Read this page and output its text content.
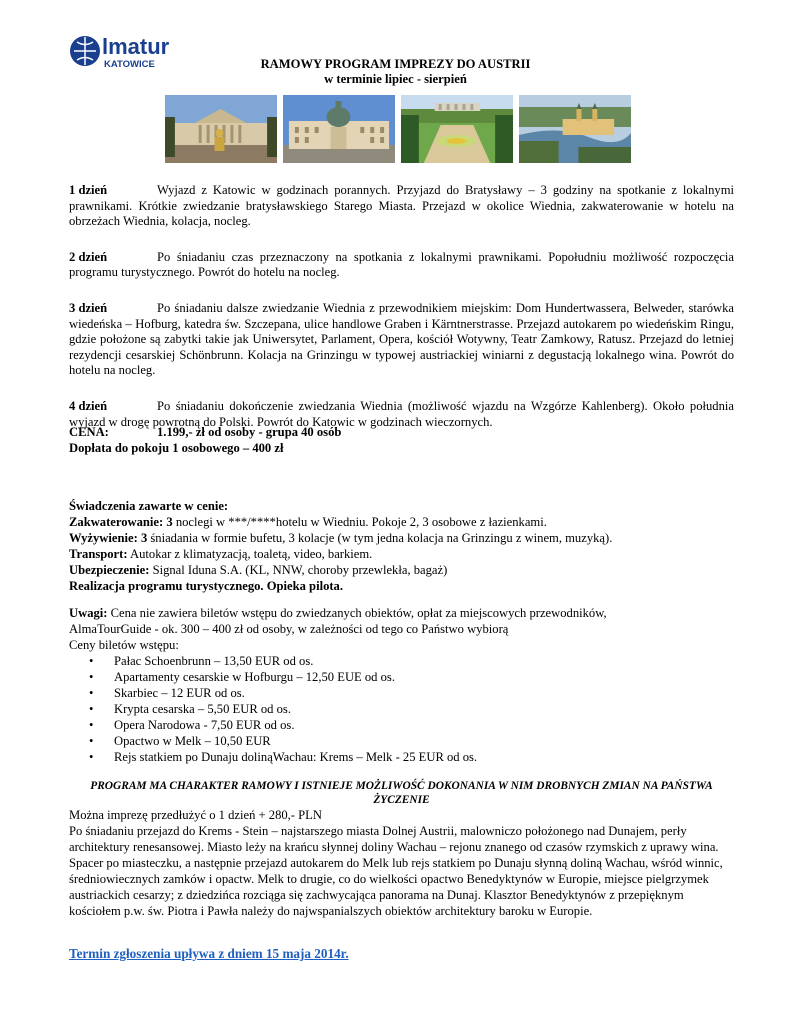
lmatur
KATOWICE	RAMOWY PROGRAM IMPREZY DO AUSTRII
w terminie lipiec - sierpień

1 dzień	Wyjazd z Katowic w godzinach porannych. Przyjazd do Bratysławy – 3 godziny na spotkanie z lokalnymi prawnikami. Krótkie zwiedzanie bratysławskiego Starego Miasta. Przejazd w okolice Wiednia, zakwaterowanie w hotelu na obrzeżach Wiednia, kolacja, nocleg.

2 dzień	Po śniadaniu czas przeznaczony na spotkania z lokalnymi prawnikami. Popołudniu możliwość rozpoczęcia programu turystycznego. Powrót do hotelu na nocleg.

3 dzień	Po śniadaniu dalsze zwiedzanie Wiednia z przewodnikiem miejskim: Dom Hundertwassera, Belweder, starówka wiedeńska – Hofburg, katedra św. Szczepana, ulice handlowe Graben i Kärntnerstrasse. Przejazd autokarem po wiedeńskim Ringu, gdzie położone są zabytki takie jak Uniwersytet, Parlament, Opera, kościół Wotywny, Teatr Zamkowy, Ratusz. Przejazd do letniej rezydencji cesarskiej Schönbrunn. Kolacja na Grinzingu w typowej austriackiej winiarni z degustacją lokalnego wina. Powrót do hotelu na nocleg.

4 dzień	Po śniadaniu dokończenie zwiedzania Wiednia (możliwość wjazdu na Wzgórze Kahlenberg). Około południa wyjazd w drogę powrotną do Polski. Powrót do Katowic w godzinach wieczornych.

CENA:	1.199,- zł od osoby - grupa 40 osób
Dopłata do pokoju 1 osobowego – 400 zł

Świadczenia zawarte w cenie:

Zakwaterowanie: 3 noclegi w ***/****hotelu w Wiedniu. Pokoje 2, 3 osobowe z łazienkami.

Wyżywienie: 3 śniadania w formie bufetu, 3 kolacje (w tym jedna kolacja na Grinzingu z winem, muzyką).

Transport: Autokar z klimatyzacją, toaletą, video, barkiem.

Ubezpieczenie: Signal Iduna S.A. (KL, NNW, choroby przewlekła, bagaż)

Realizacja programu turystycznego. Opieka pilota.

Uwagi: Cena nie zawiera biletów wstępu do zwiedzanych obiektów, opłat za miejscowych przewodników,

AlmaTourGuide - ok. 300 – 400 zł od osoby, w zależności od tego co Państwo wybiorą

Ceny biletów wstępu:

• Pałac Schoenbrunn – 13,50 EUR od os.
• Apartamenty cesarskie w Hofburgu – 12,50 EUE od os.
• Skarbiec – 12 EUR od os.
• Krypta cesarska – 5,50 EUR od os.
• Opera Narodowa - 7,50 EUR od os.
• Opactwo w Melk – 10,50 EUR
• Rejs statkiem po Dunaju dolinąWachau: Krems – Melk - 25 EUR od os.
PROGRAM MA CHARAKTER RAMOWY I ISTNIEJE MOŻLIWOŚĆ DOKONANIA W NIM DROBNYCH ZMIAN NA PAŃSTWA ŻYCZENIE

Można imprezę przedłużyć o 1 dzień + 280,- PLN

Po śniadaniu przejazd do Krems - Stein – najstarszego miasta Dolnej Austrii, malowniczo położonego nad Dunajem, perły architektury renesansowej. Miasto leży na krańcu słynnej doliny Wachau – rejonu znanego od czasów rzymskich z uprawy wina. Spacer po miasteczku, a następnie przejazd autokarem do Melk lub rejs statkiem po Dunaju słynną doliną Wachau, wśród winnic, średniowiecznych zamków i opactw. Melk to drugie, co do wielkości opactwo Benedyktynów w Europie, miejsce pielgrzymek austriackich cesarzy; z dziedzińca rozciąga się zachwycająca panorama na Dunaj. Klasztor Benedyktynów z przepięknym kościołem p.w. św. Piotra i Pawła należy do najwspanialszych obiektów architektury baroku w Europie.

Termin zgłoszenia upływa z dniem 15 maja 2014r.
